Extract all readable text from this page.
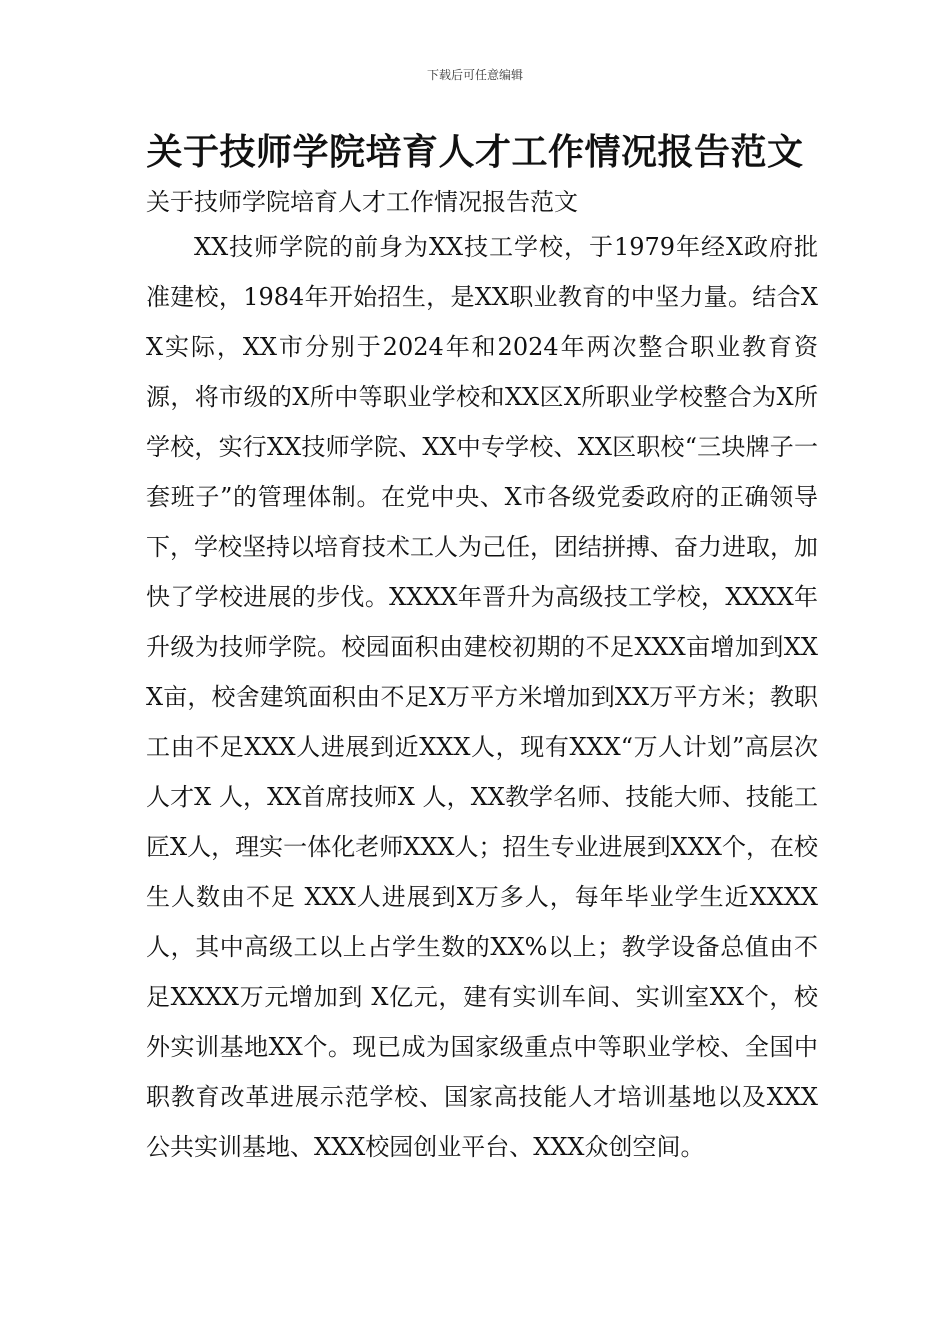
下载后可任意编辑
关于技师学院培育人才工作情况报告范文

关于技师学院培育人才工作情况报告范文

XX技师学院的前身为XX技工学校，于1979年经X政府批准建校，1984年开始招生，是XX职业教育的中坚力量。结合XX实际，XX市分别于2024年和2024年两次整合职业教育资源，将市级的X所中等职业学校和XX区X所职业学校整合为X所学校，实行XX技师学院、XX中专学校、XX区职校“三块牌子一套班子”的管理体制。在党中央、X市各级党委政府的正确领导下，学校坚持以培育技术工人为己任，团结拼搏、奋力进取，加快了学校进展的步伐。XXXX年晋升为高级技工学校，XXXX年升级为技师学院。校园面积由建校初期的不足XXX亩增加到XXX亩，校舍建筑面积由不足X万平方米增加到XX万平方米；教职工由不足XXX人进展到近XXX人，现有XXX“万人计划”高层次人才X 人，XX首席技师X 人，XX教学名师、技能大师、技能工匠X人，理实一体化老师XXX人；招生专业进展到XXX个，在校生人数由不足 XXX人进展到X万多人，每年毕业学生近XXXX人，其中高级工以上占学生数的XX%以上；教学设备总值由不足XXXX万元增加到 X亿元，建有实训车间、实训室XX个，校外实训基地XX个。现已成为国家级重点中等职业学校、全国中职教育改革进展示范学校、国家高技能人才培训基地以及XXX 公共实训基地、XXX校园创业平台、XXX众创空间。
